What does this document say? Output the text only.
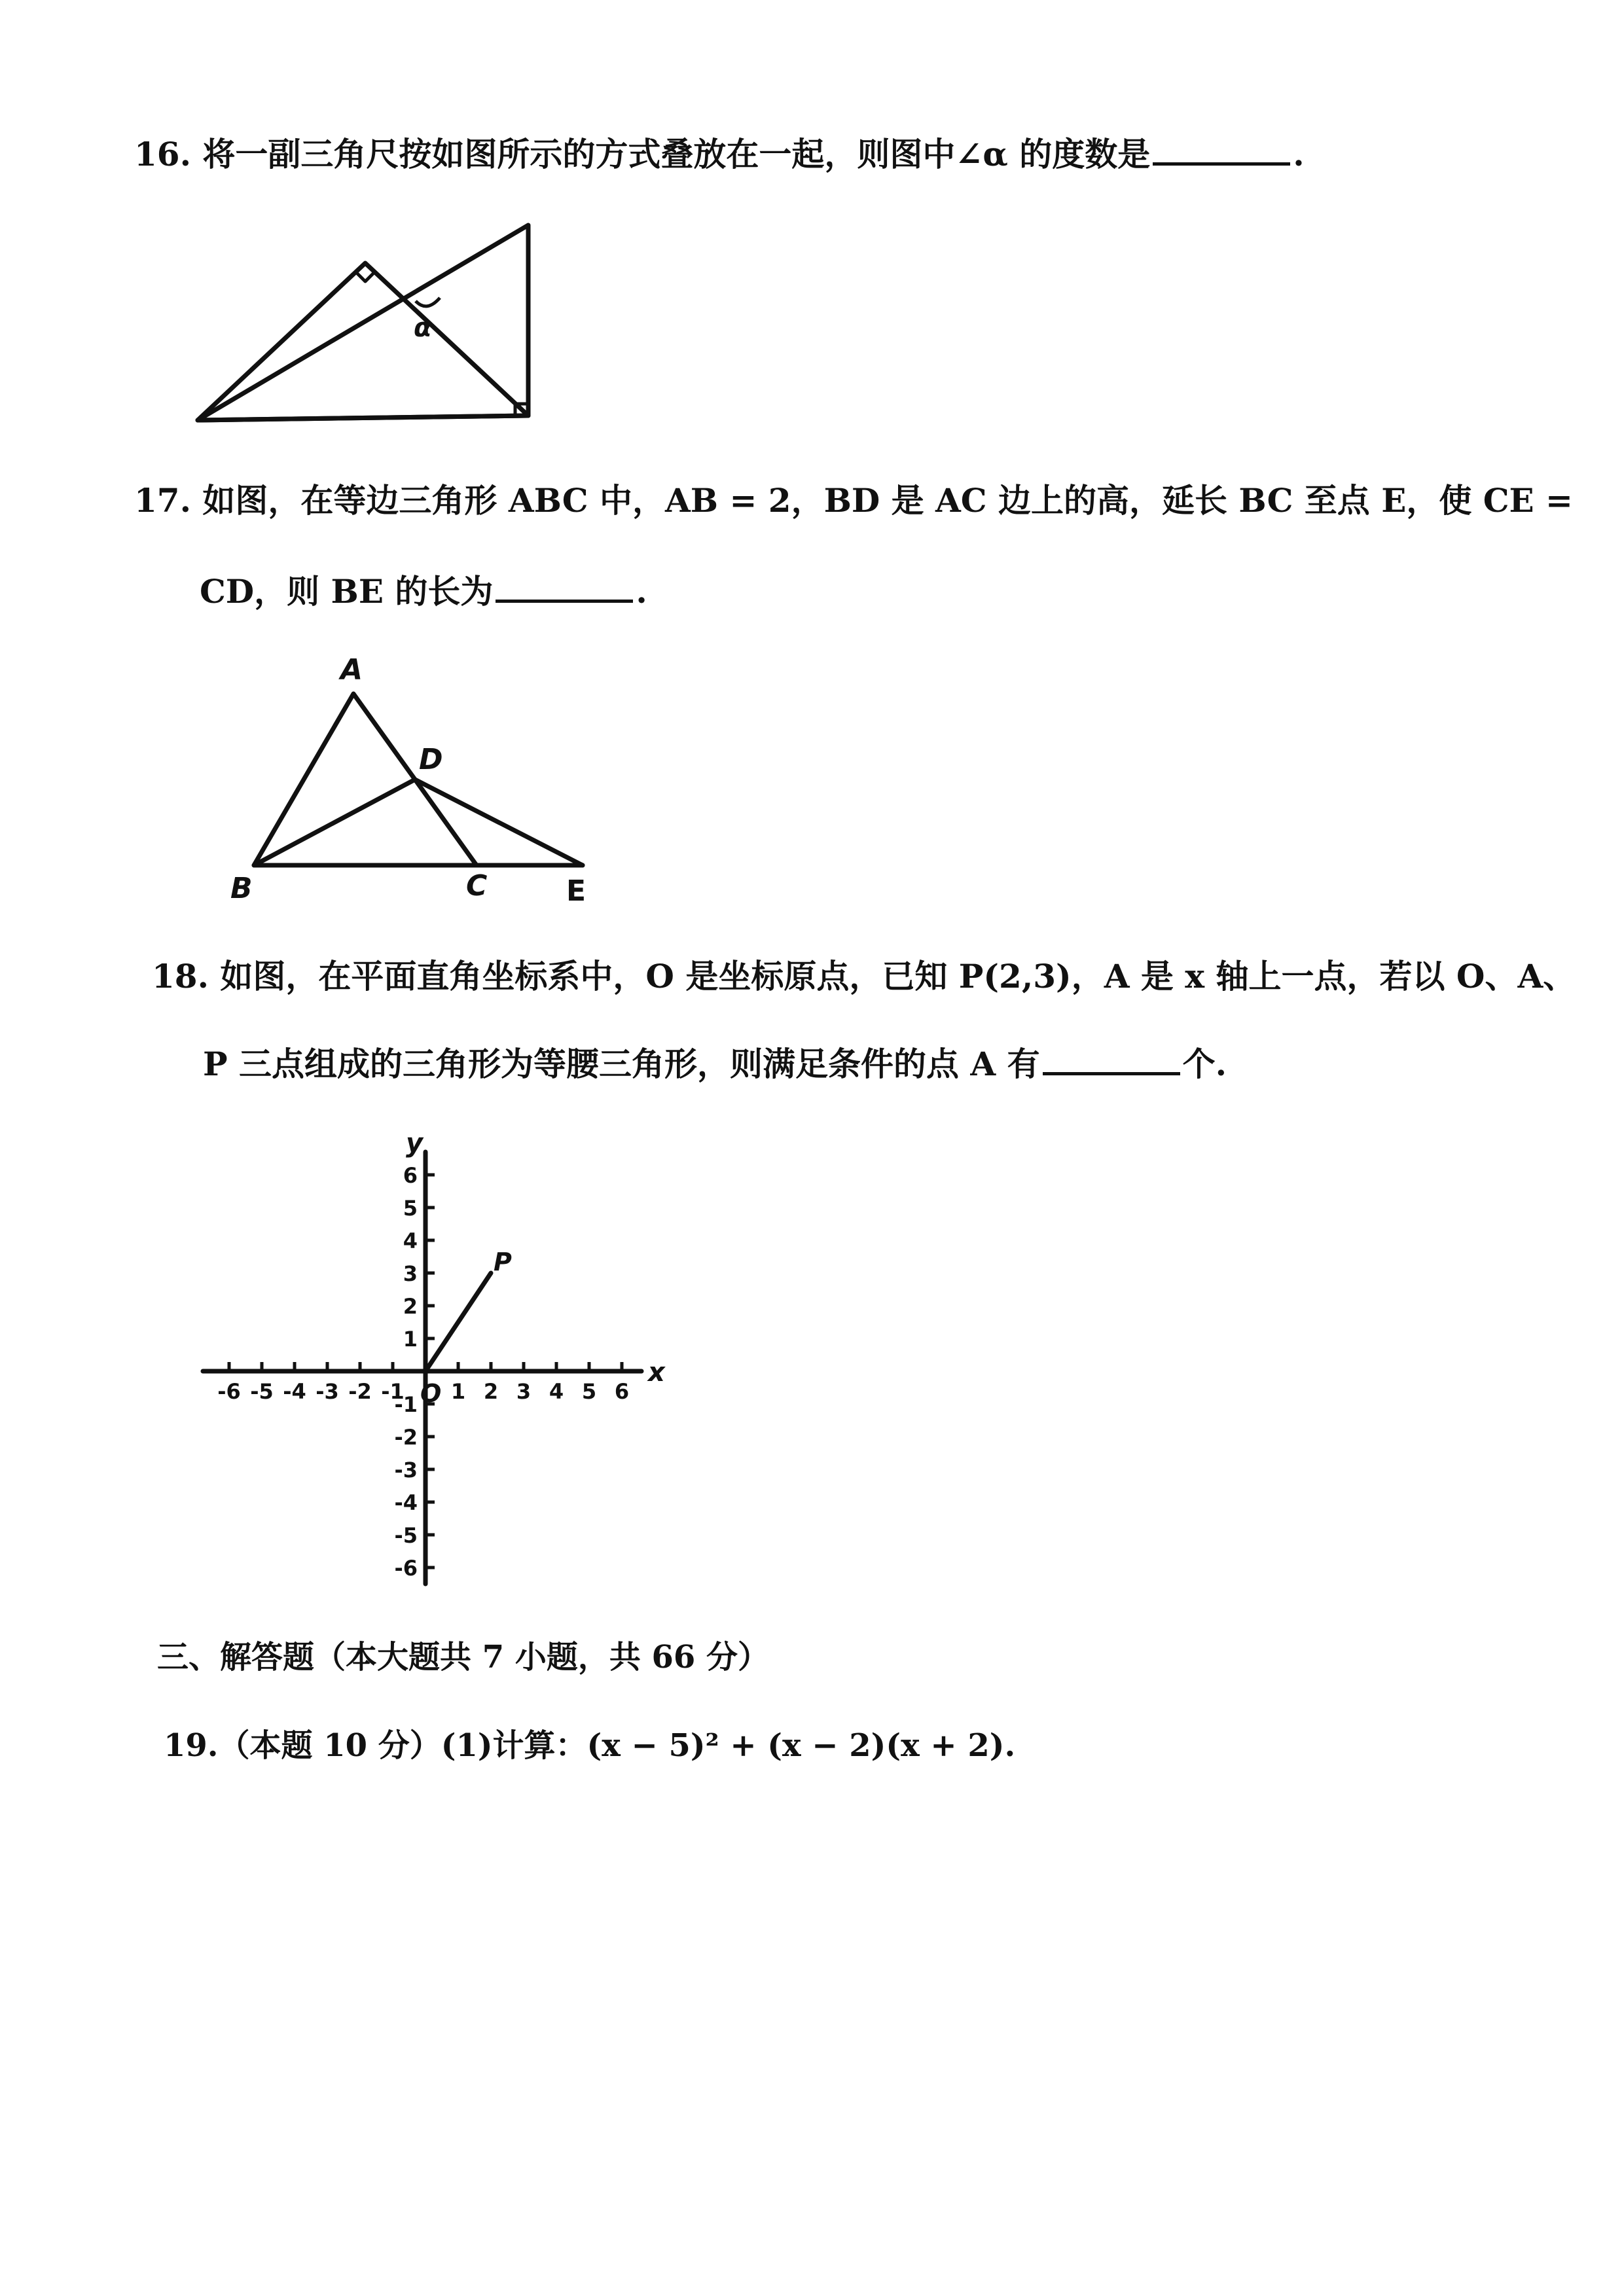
16. 将一副三角尺按如图所示的方式叠放在一起，则图中∠α 的度数是	.

α

17. 如图，在等边三角形 ABC 中，AB = 2，BD 是 AC 边上的高，延长 BC 至点 E，使 CE =

CD，则 BE 的长为	.

A
D
B	C	E

18. 如图，在平面直角坐标系中，O 是坐标原点，已知 P(2,3)，A 是 x 轴上一点，若以 O、A、

P 三点组成的三角形为等腰三角形，则满足条件的点 A 有	个.

-6 -5 -4 -3 -2 -1 1 2 3 4 5 6
6
5
4
3
2
1
-1
-2
-3
-4
-5
-6
x
y
O
P

三、解答题（本大题共 7 小题，共 66 分）

19.（本题 10 分）(1)计算：(x − 5)² + (x − 2)(x + 2).
